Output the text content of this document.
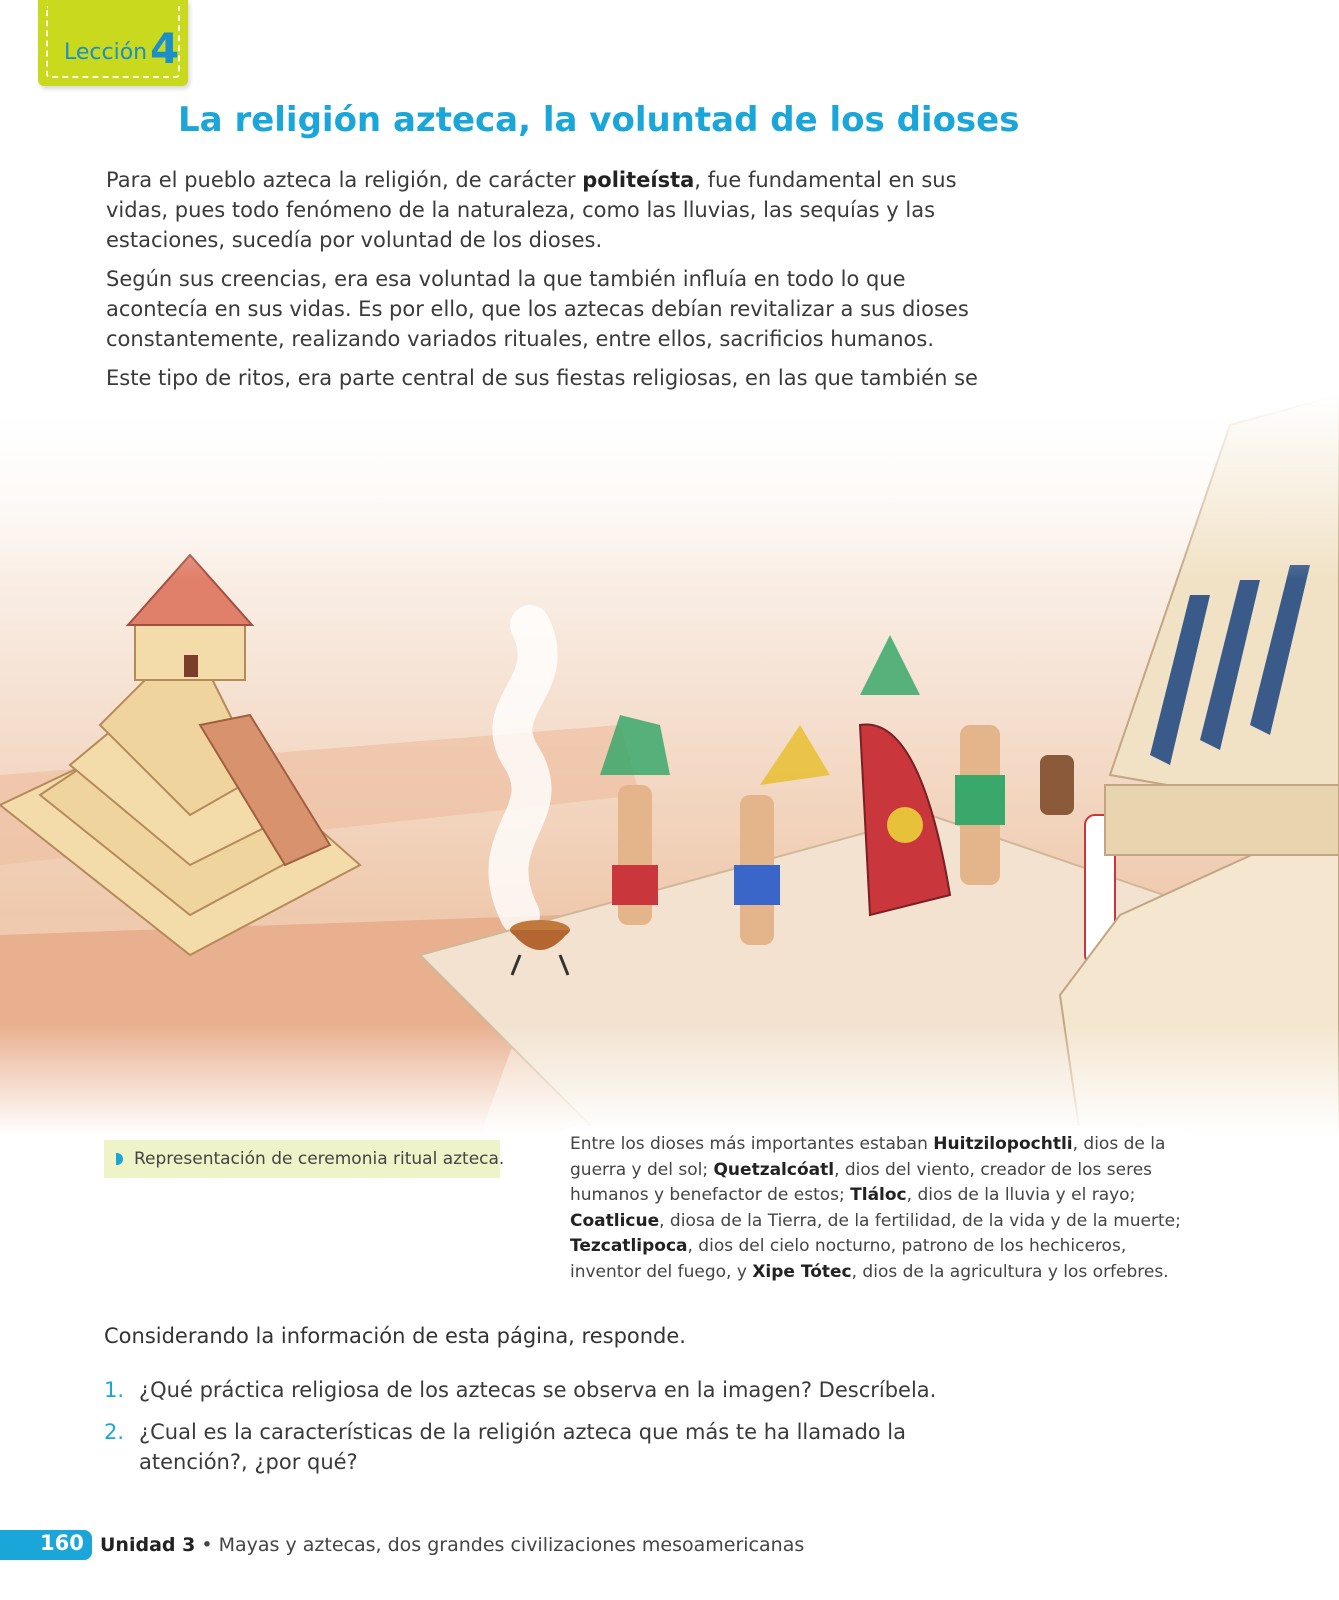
Lección 4
La religión azteca, la voluntad de los dioses

Para el pueblo azteca la religión, de carácter politeísta, fue fundamental en sus vidas, pues todo fenómeno de la naturaleza, como las lluvias, las sequías y las estaciones, sucedía por voluntad de los dioses.

Según sus creencias, era esa voluntad la que también influía en todo lo que acontecía en sus vidas. Es por ello, que los aztecas debían revitalizar a sus dioses constantemente, realizando variados rituales, entre ellos, sacrificios humanos.

Este tipo de ritos, era parte central de sus fiestas religiosas, en las que también se

Representación de ceremonia ritual azteca.

Entre los dioses más importantes estaban Huitzilopochtli, dios de la guerra y del sol; Quetzalcóatl, dios del viento, creador de los seres humanos y benefactor de estos; Tláloc, dios de la lluvia y el rayo; Coatlicue, diosa de la Tierra, de la fertilidad, de la vida y de la muerte; Tezcatlipoca, dios del cielo nocturno, patrono de los hechiceros, inventor del fuego, y Xipe Tótec, dios de la agricultura y los orfebres.

Considerando la información de esta página, responde.

1. ¿Qué práctica religiosa de los aztecas se observa en la imagen? Descríbela.
2. ¿Cual es la características de la religión azteca que más te ha llamado la atención?, ¿por qué?
160 Unidad 3 • Mayas y aztecas, dos grandes civilizaciones mesoamericanas
